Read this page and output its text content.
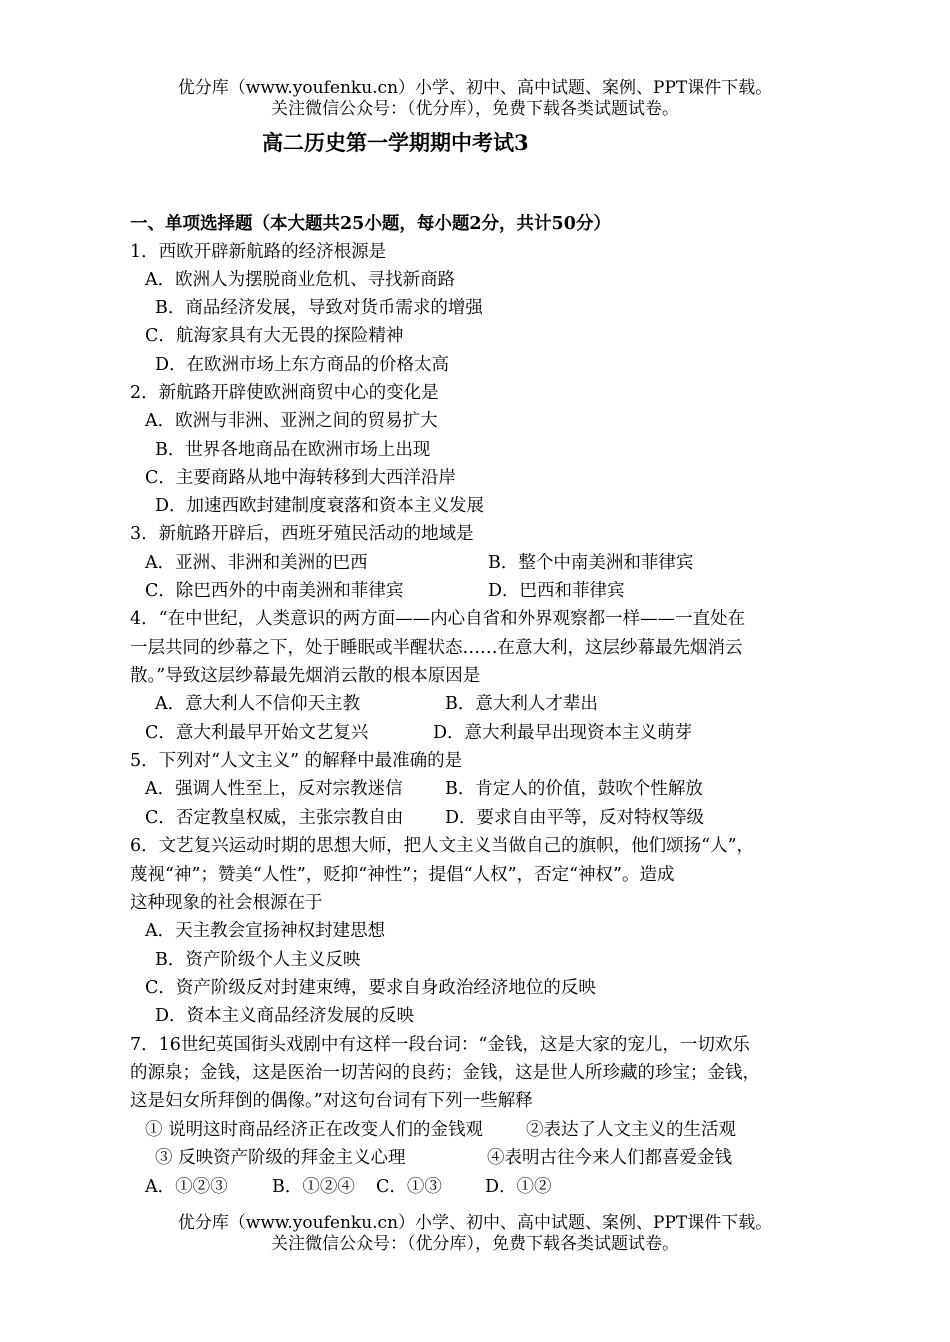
优分库（www.youfenku.cn）小学、初中、高中试题、案例、PPT课件下载。
关注微信公众号：（优分库），免费下载各类试题试卷。
高二历史第一学期期中考试3
一、单项选择题（本大题共25小题，每小题2分，共计50分）
1．西欧开辟新航路的经济根源是
A．欧洲人为摆脱商业危机、寻找新商路
B．商品经济发展，导致对货币需求的增强
C．航海家具有大无畏的探险精神
D．在欧洲市场上东方商品的价格太高
2．新航路开辟使欧洲商贸中心的变化是
A．欧洲与非洲、亚洲之间的贸易扩大
B．世界各地商品在欧洲市场上出现
C．主要商路从地中海转移到大西洋沿岸
D．加速西欧封建制度衰落和资本主义发展
3．新航路开辟后，西班牙殖民活动的地域是
A．亚洲、非洲和美洲的巴西	B．整个中南美洲和菲律宾
C．除巴西外的中南美洲和菲律宾	D．巴西和菲律宾
4．“在中世纪，人类意识的两方面——内心自省和外界观察都一样——一直处在
一层共同的纱幕之下，处于睡眠或半醒状态……在意大利，这层纱幕最先烟消云
散。”导致这层纱幕最先烟消云散的根本原因是
A．意大利人不信仰天主教	B．意大利人才辈出
C．意大利最早开始文艺复兴	D．意大利最早出现资本主义萌芽
5．下列对“人文主义” 的解释中最准确的是
A．强调人性至上，反对宗教迷信 B．肯定人的价值，鼓吹个性解放
C．否定教皇权威，主张宗教自由 D．要求自由平等，反对特权等级
6．文艺复兴运动时期的思想大师，把人文主义当做自己的旗帜，他们颂扬“人”，
蔑视“神”；赞美“人性”，贬抑“神性”；提倡“人权”，否定“神权”。造成
这种现象的社会根源在于
A．天主教会宣扬神权封建思想
B．资产阶级个人主义反映
C．资产阶级反对封建束缚，要求自身政治经济地位的反映
D．资本主义商品经济发展的反映
7．16世纪英国街头戏剧中有这样一段台词：“金钱，这是大家的宠儿，一切欢乐
的源泉；金钱，这是医治一切苦闷的良药；金钱，这是世人所珍藏的珍宝；金钱，
这是妇女所拜倒的偶像。”对这句台词有下列一些解释
① 说明这时商品经济正在改变人们的金钱观 ②表达了人文主义的生活观
③ 反映资产阶级的拜金主义心理	④表明古往今来人们都喜爱金钱
A．①②③	B．①②④ C．①③ D．①②
优分库（www.youfenku.cn）小学、初中、高中试题、案例、PPT课件下载。
关注微信公众号：（优分库），免费下载各类试题试卷。
